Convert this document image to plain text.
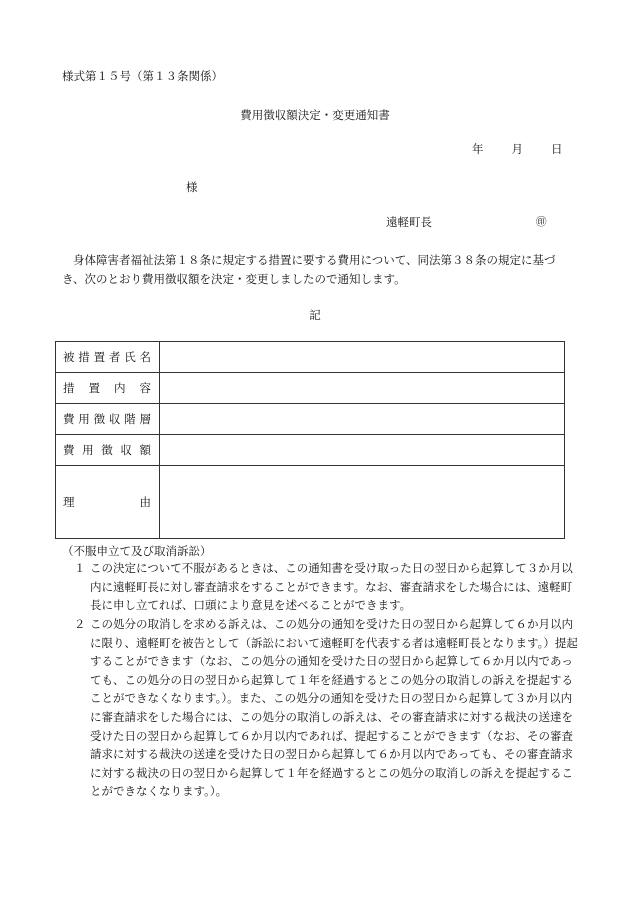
様式第１５号（第１３条関係）
費用徴収額決定・変更通知書
年 月 日
様
遠軽町長	㊞
身体障害者福祉法第１８条に規定する措置に要する費用について、同法第３８条の規定に基づき、次のとおり費用徴収額を決定・変更しましたので通知します。
記
被措置者氏名	
措置内容	
費用徴収階層	
費用徴収額	
理由	
（不服申立て及び取消訴訟）
１ この決定について不服があるときは、この通知書を受け取った日の翌日から起算して３か月以内に遠軽町長に対し審査請求をすることができます。なお、審査請求をした場合には、遠軽町長に申し立てれば、口頭により意見を述べることができます。
２ この処分の取消しを求める訴えは、この処分の通知を受けた日の翌日から起算して６か月以内に限り、遠軽町を被告として（訴訟において遠軽町を代表する者は遠軽町長となります。）提起することができます（なお、この処分の通知を受けた日の翌日から起算して６か月以内であっても、この処分の日の翌日から起算して１年を経過するとこの処分の取消しの訴えを提起することができなくなります。）。また、この処分の通知を受けた日の翌日から起算して３か月以内に審査請求をした場合には、この処分の取消しの訴えは、その審査請求に対する裁決の送達を受けた日の翌日から起算して６か月以内であれば、提起することができます（なお、その審査請求に対する裁決の送達を受けた日の翌日から起算して６か月以内であっても、その審査請求に対する裁決の日の翌日から起算して１年を経過するとこの処分の取消しの訴えを提起することができなくなります。）。
